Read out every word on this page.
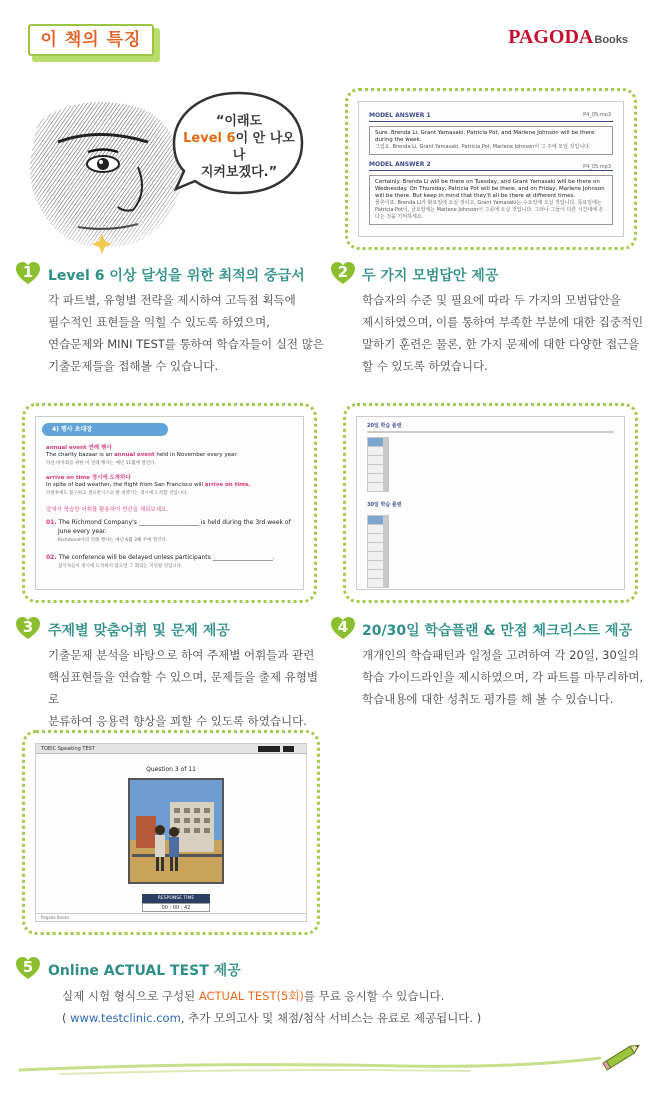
이 책의 특징	PAGODABooks
“이래도
Level 6이 안 나오나
지켜보겠다.”
MODEL ANSWER 1	P4_05.mp3
Sure. Brenda Li, Grant Yamasaki, Patricia Pot, and Marlene Johnson will be there during the week.
그럼요. Brenda Li, Grant Yamasaki, Patricia Pot, Marlene Johnson이 그 주에 모일 것입니다.
MODEL ANSWER 2	P4_05.mp3
Certainly. Brenda Li will be there on Tuesday, and Grant Yamasaki will be there on Wednesday. On Thursday, Patricia Pot will be there, and on Friday, Marlene Johnson will be there. But keep in mind that they'll all be there at different times.
물론이죠. Brenda Li가 화요일에 오실 것이고, Grant Yamasaki는 수요일에 오실 것입니다. 목요일에는 Patricia Pot이, 금요일에는 Marlene Johnson이 그곳에 오실 것입니다. 그러나 그들이 다른 시간대에 온다는 것을 기억하세요.
1	Level 6 이상 달성을 위한 최적의 중급서
각 파트별, 유형별 전략을 제시하여 고득점 획득에
필수적인 표현들을 익힐 수 있도록 하였으며,
연습문제와 MINI TEST를 통하여 학습자들이 실전 많은
기출문제들을 접해볼 수 있습니다.
2 두 가지 모범답안 제공
학습자의 수준 및 필요에 따라 두 가지의 모범답안을
제시하였으며, 이를 통하여 부족한 부분에 대한 집중적인
말하기 훈련은 물론, 한 가지 문제에 대한 다양한 접근을
할 수 있도록 하였습니다.
4) 행사 초대장
annual event 연례 행사
The charity bazaar is an annual event held in November every year.
자선 바자회를 위한 이 연례 행사는 매년 11월에 열린다.
arrive on time 정시에 도착하다
In spite of bad weather, the flight from San Francisco will arrive on time.
악천후에도 불구하고 샌프란시스코 발 비행기는 정시에 도착할 것입니다.
앞에서 학습한 어휘를 활용하여 빈칸을 채워보세요.
01. The Richmond Company's ____________________ is held during the 3rd week of
June every year.
Richmond사의 연례 행사는 매년 6월 3째 주에 열린다.
02. The conference will be delayed unless participants ____________________.
참석자들이 정시에 도착하지 않으면 그 회의는 지연될 것입니다.
20일 학습 플랜

30일 학습 플랜

3	주제별 맞춤어휘 및 문제 제공
기출문제 분석을 바탕으로 하여 주제별 어휘들과 관련
핵심표현들을 연습할 수 있으며, 문제들을 출제 유형별로
분류하여 응용력 향상을 꾀할 수 있도록 하였습니다.
4 20/30일 학습플랜 & 만점 체크리스트 제공
개개인의 학습패턴과 일정을 고려하여 각 20일, 30일의
학습 가이드라인을 제시하였으며, 각 파트를 마무리하며,
학습내용에 대한 성취도 평가를 해 볼 수 있습니다.
TOEIC Speaking TEST
Question 3 of 11
RESPONSE TIME
00 : 00 : 42
Pagoda Books
5	Online ACTUAL TEST 제공
실제 시험 형식으로 구성된 ACTUAL TEST(5회)를 무료 응시할 수 있습니다.
( www.testclinic.com, 추가 모의고사 및 채점/첨삭 서비스는 유료로 제공됩니다. )
